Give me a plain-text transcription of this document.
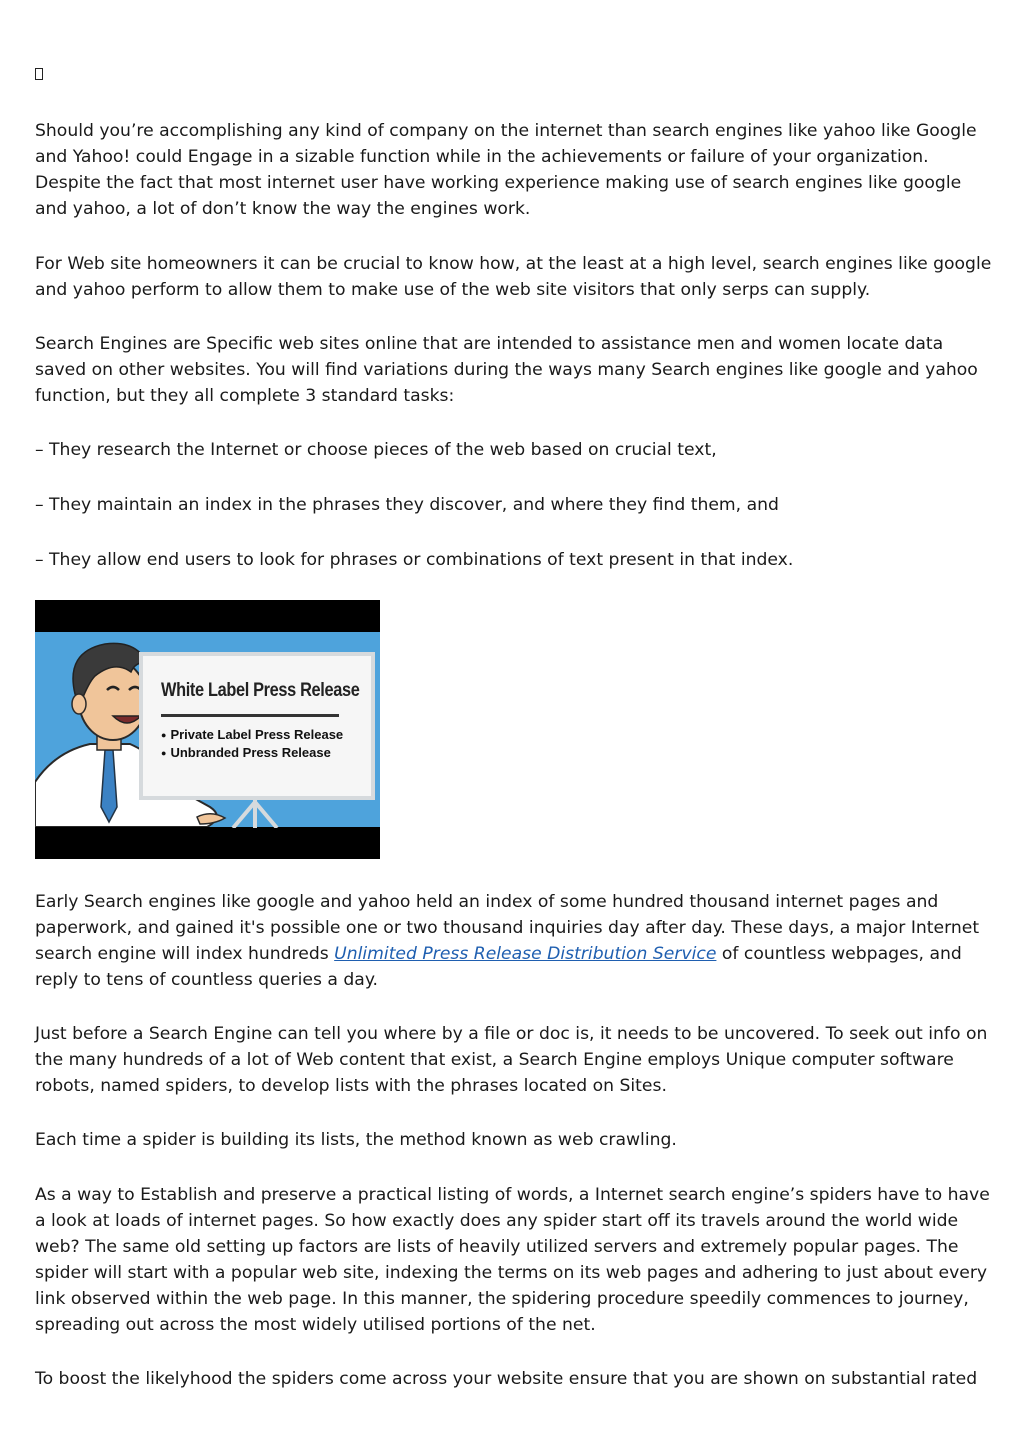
Should you’re accomplishing any kind of company on the internet than search engines like yahoo like Google and Yahoo! could Engage in a sizable function while in the achievements or failure of your organization. Despite the fact that most internet user have working experience making use of search engines like google and yahoo, a lot of don’t know the way the engines work.

For Web site homeowners it can be crucial to know how, at the least at a high level, search engines like google and yahoo perform to allow them to make use of the web site visitors that only serps can supply.

Search Engines are Specific web sites online that are intended to assistance men and women locate data saved on other websites. You will find variations during the ways many Search engines like google and yahoo function, but they all complete 3 standard tasks:

– They research the Internet or choose pieces of the web based on crucial text,

– They maintain an index in the phrases they discover, and where they find them, and

– They allow end users to look for phrases or combinations of text present in that index.

White Label Press Release
● Private Label Press Release
● Unbranded Press Release

Early Search engines like google and yahoo held an index of some hundred thousand internet pages and paperwork, and gained it's possible one or two thousand inquiries day after day. These days, a major Internet search engine will index hundreds Unlimited Press Release Distribution Service of countless webpages, and reply to tens of countless queries a day.

Just before a Search Engine can tell you where by a file or doc is, it needs to be uncovered. To seek out info on the many hundreds of a lot of Web content that exist, a Search Engine employs Unique computer software robots, named spiders, to develop lists with the phrases located on Sites.

Each time a spider is building its lists, the method known as web crawling.

As a way to Establish and preserve a practical listing of words, a Internet search engine’s spiders have to have a look at loads of internet pages. So how exactly does any spider start off its travels around the world wide web? The same old setting up factors are lists of heavily utilized servers and extremely popular pages. The spider will start with a popular web site, indexing the terms on its web pages and adhering to just about every link observed within the web page. In this manner, the spidering procedure speedily commences to journey, spreading out across the most widely utilised portions of the net.

To boost the likelyhood the spiders come across your website ensure that you are shown on substantial rated
